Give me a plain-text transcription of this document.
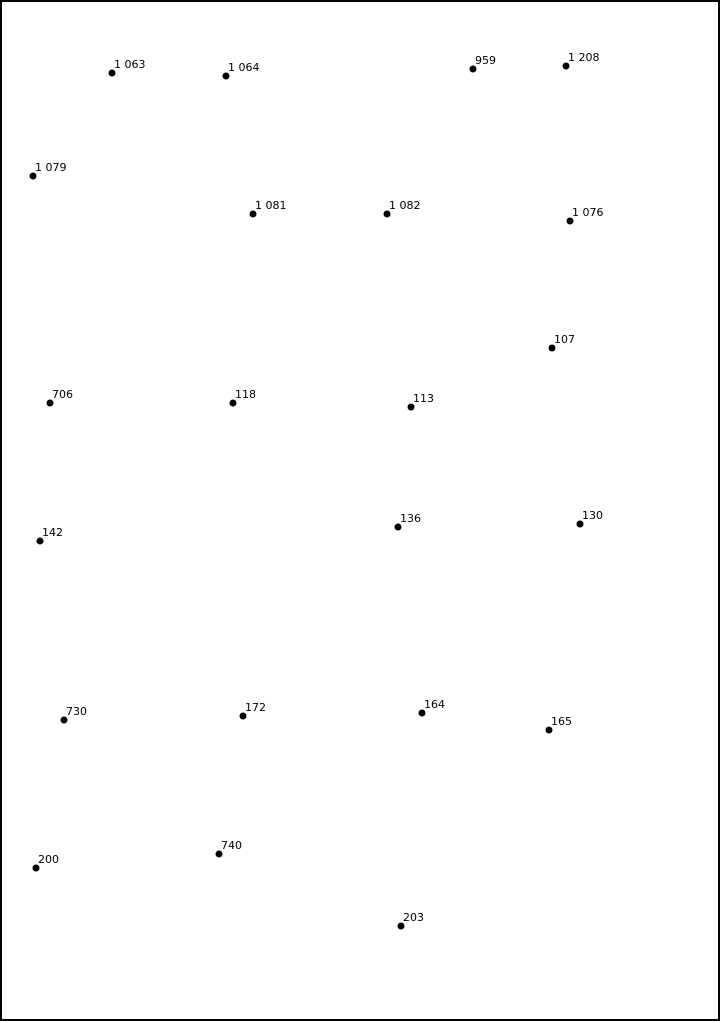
1 063	1 064
959	1 208
1 079
1 081	1 082
1 076
107
706	118	113
142
136	130
730	172	164
165
200
740
203
